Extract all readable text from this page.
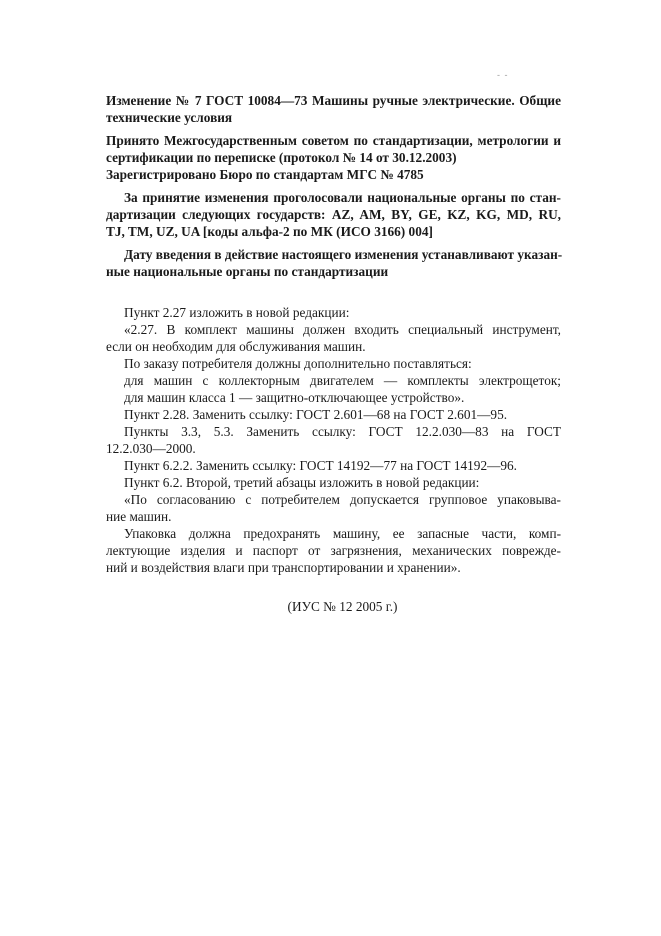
- -
Изменение № 7 ГОСТ 10084—73 Машины ручные электрические. Общие
технические условия
Принято Межгосударственным советом по стандартизации, метрологии и
сертификации по переписке (протокол № 14 от 30.12.2003)
Зарегистрировано Бюро по стандартам МГС № 4785
За принятие изменения проголосовали национальные органы по стан-
дартизации следующих государств: AZ, AM, BY, GE, KZ, KG, MD, RU,
TJ, TM, UZ, UA [коды альфа-2 по МК (ИСО 3166) 004]
Дату введения в действие настоящего изменения устанавливают указан-
ные национальные органы по стандартизации
Пункт 2.27 изложить в новой редакции:
«2.27. В комплект машины должен входить специальный инструмент,
если он необходим для обслуживания машин.
По заказу потребителя должны дополнительно поставляться:
для машин с коллекторным двигателем — комплекты электрощеток;
для машин класса 1 — защитно-отключающее устройство».
Пункт 2.28. Заменить ссылку: ГОСТ 2.601—68 на ГОСТ 2.601—95.
Пункты 3.3, 5.3. Заменить ссылку: ГОСТ 12.2.030—83 на ГОСТ
12.2.030—2000.
Пункт 6.2.2. Заменить ссылку: ГОСТ 14192—77 на ГОСТ 14192—96.
Пункт 6.2. Второй, третий абзацы изложить в новой редакции:
«По согласованию с потребителем допускается групповое упаковыва-
ние машин.
Упаковка должна предохранять машину, ее запасные части, комп-
лектующие изделия и паспорт от загрязнения, механических поврежде-
ний и воздействия влаги при транспортировании и хранении».
(ИУС № 12 2005 г.)
